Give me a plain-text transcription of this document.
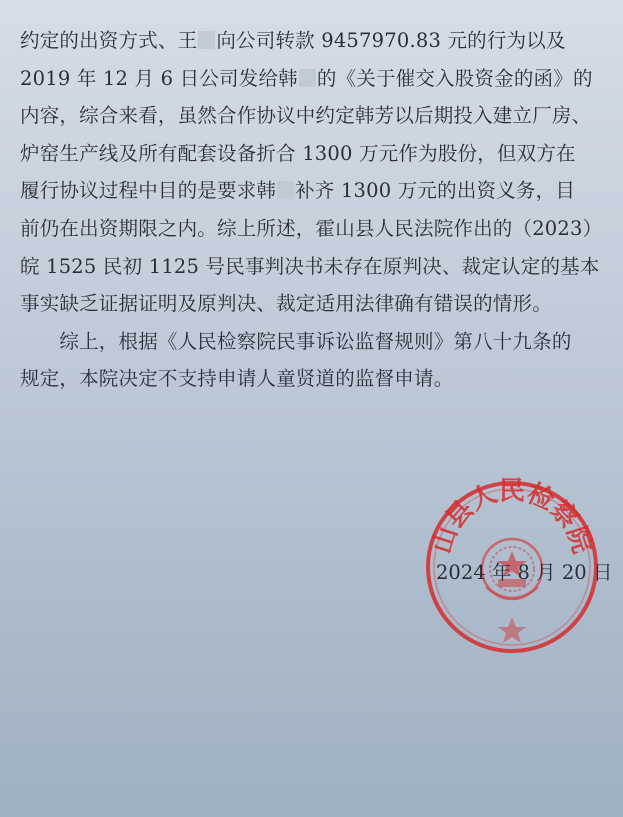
约定的出资方式、王 向公司转款 9457970.83 元的行为以及
2019 年 12 月 6 日公司发给韩 的《关于催交入股资金的函》的
内容，综合来看，虽然合作协议中约定韩芳以后期投入建立厂房、
炉窑生产线及所有配套设备折合 1300 万元作为股份，但双方在
履行协议过程中目的是要求韩 补齐 1300 万元的出资义务，目
前仍在出资期限之内。综上所述，霍山县人民法院作出的（2023）
皖 1525 民初 1125 号民事判决书未存在原判决、裁定认定的基本
事实缺乏证据证明及原判决、裁定适用法律确有错误的情形。
　　综上，根据《人民检察院民事诉讼监督规则》第八十九条的
规定，本院决定不支持申请人童贤道的监督申请。
山县人民检察院
2024 年 8 月 20 日
